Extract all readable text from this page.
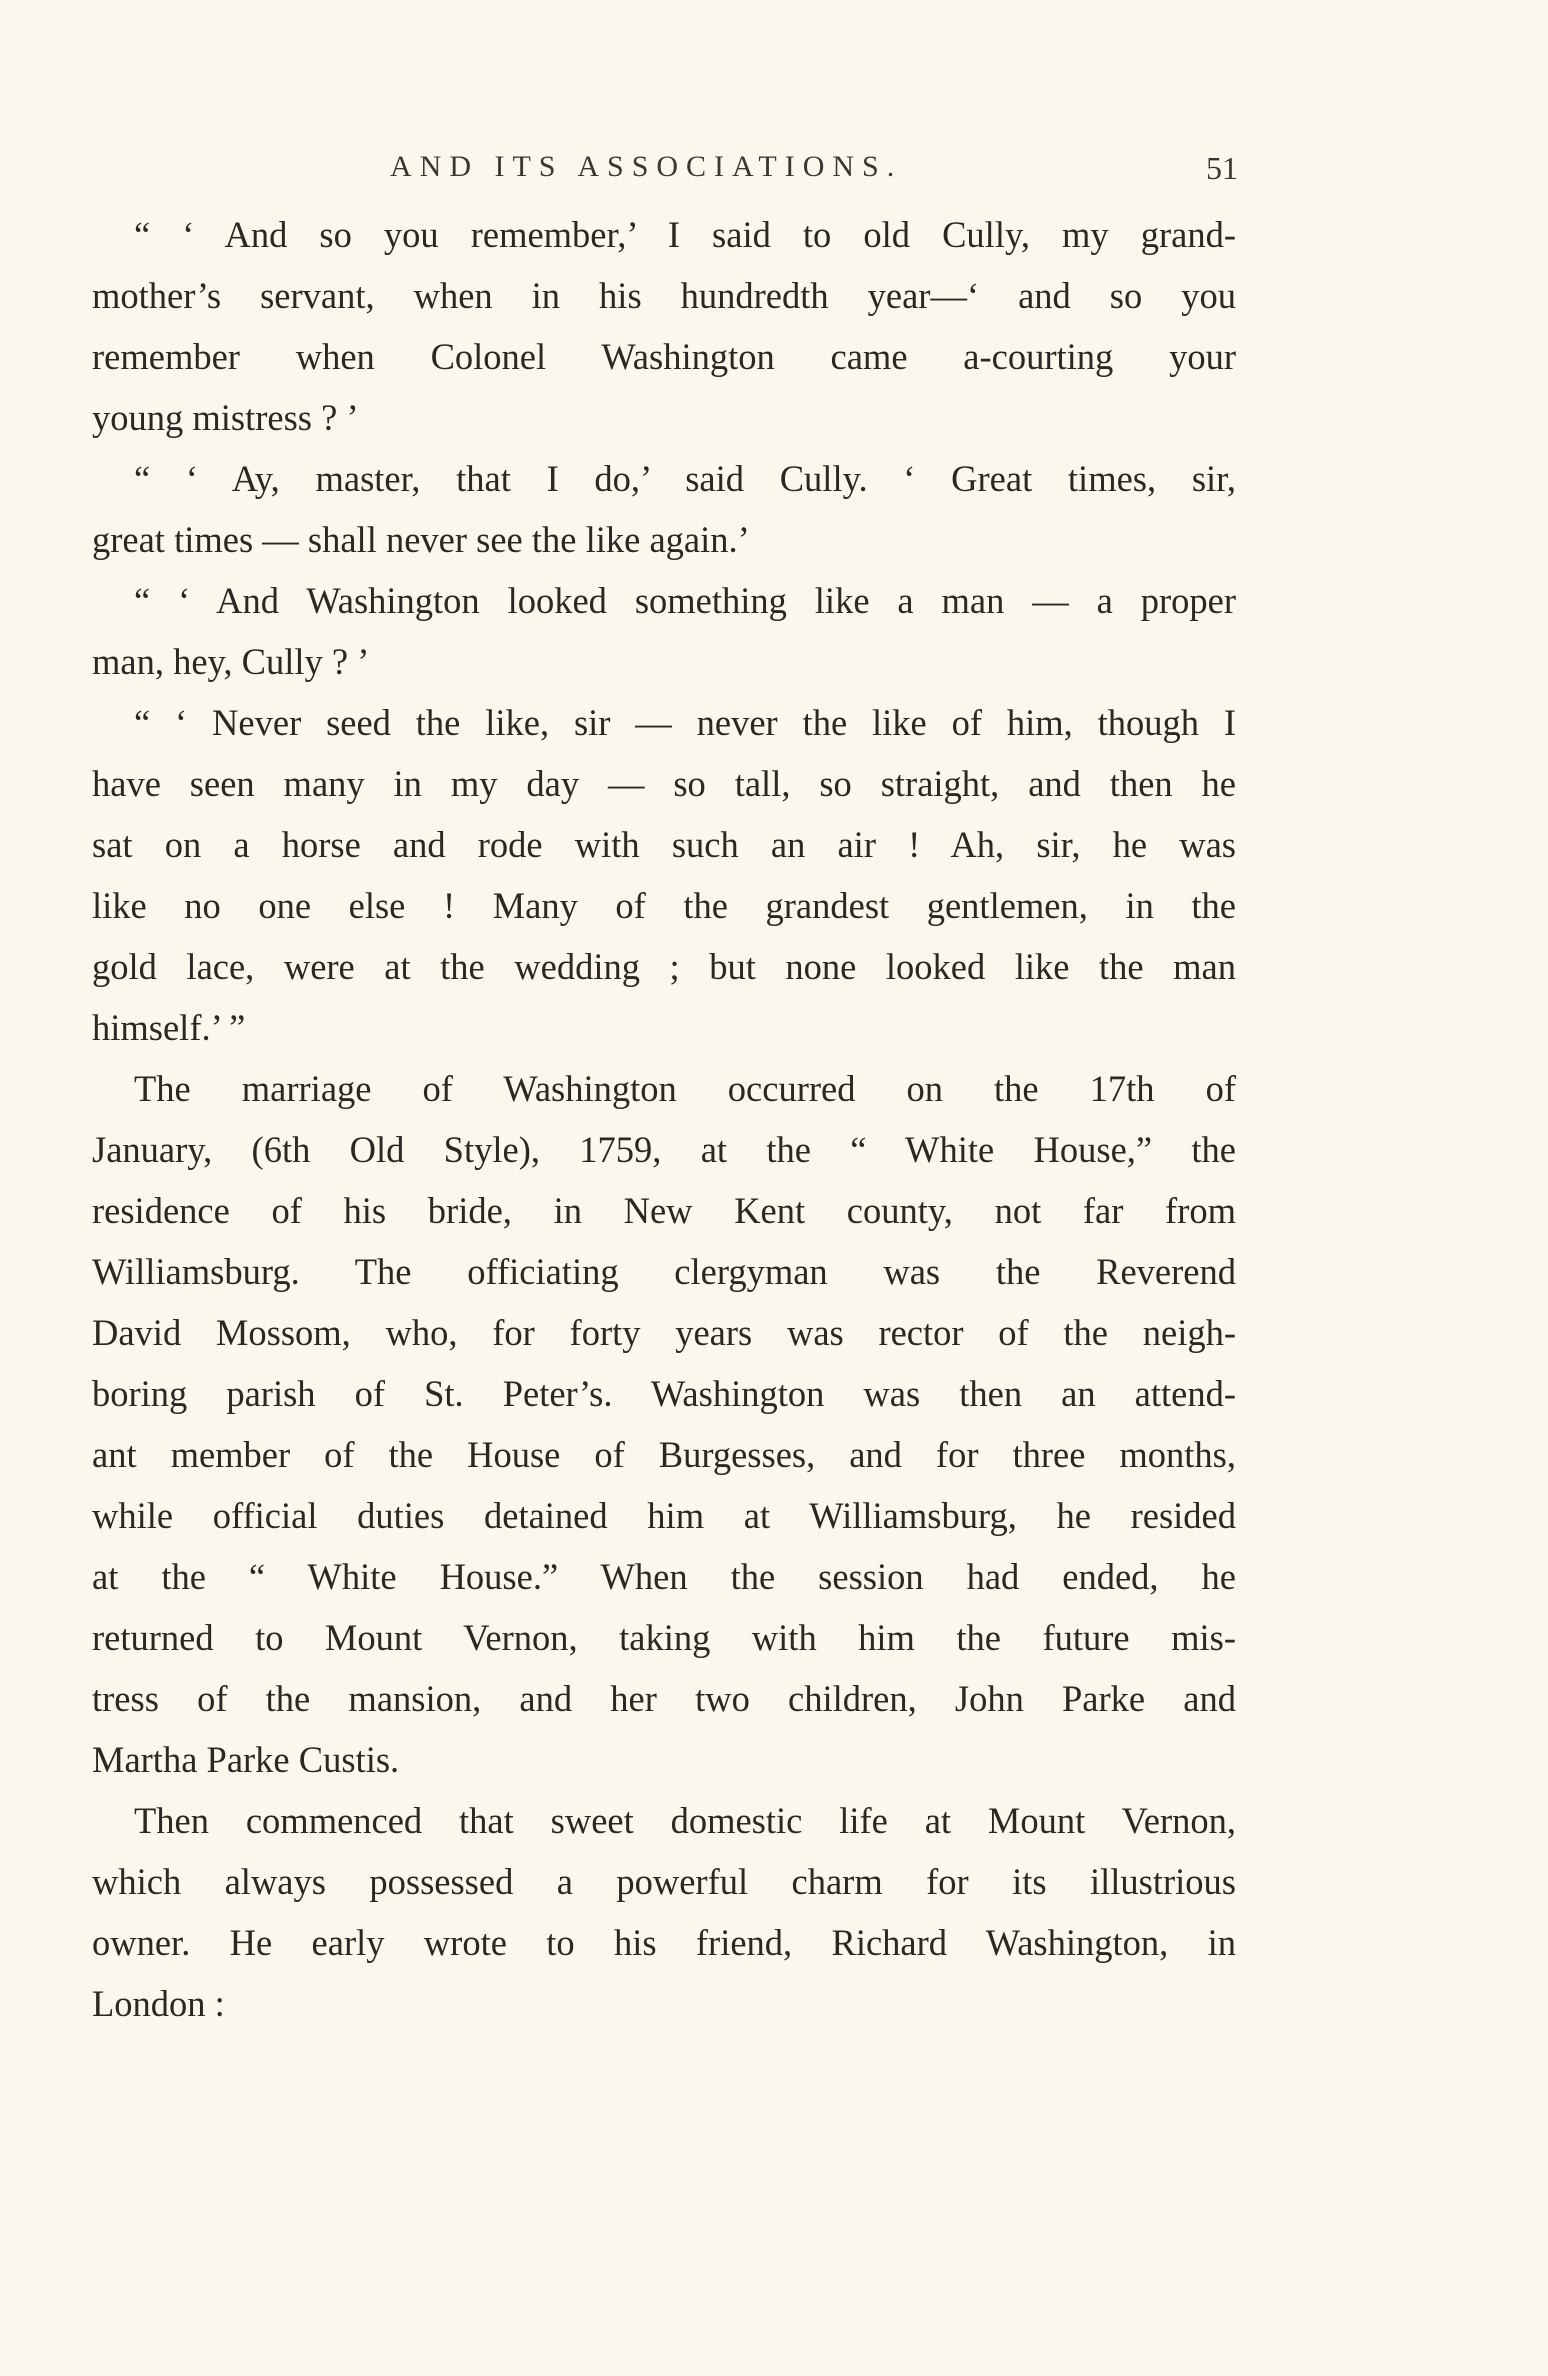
AND ITS ASSOCIATIONS.	51
“ ‘ And so you remember,’ I said to old Cully, my grand-
mother’s servant, when in his hundredth year—‘ and so you
remember when Colonel Washington came a-courting your
young mistress ? ’
“ ‘ Ay, master, that I do,’ said Cully. ‘ Great times, sir,
great times — shall never see the like again.’
“ ‘ And Washington looked something like a man — a proper
man, hey, Cully ? ’
“ ‘ Never seed the like, sir — never the like of him, though I
have seen many in my day — so tall, so straight, and then he
sat on a horse and rode with such an air ! Ah, sir, he was
like no one else ! Many of the grandest gentlemen, in the
gold lace, were at the wedding ; but none looked like the man
himself.’ ”
The marriage of Washington occurred on the 17th of
January, (6th Old Style), 1759, at the “ White House,” the
residence of his bride, in New Kent county, not far from
Williamsburg. The officiating clergyman was the Reverend
David Mossom, who, for forty years was rector of the neigh-
boring parish of St. Peter’s. Washington was then an attend-
ant member of the House of Burgesses, and for three months,
while official duties detained him at Williamsburg, he resided
at the “ White House.” When the session had ended, he
returned to Mount Vernon, taking with him the future mis-
tress of the mansion, and her two children, John Parke and
Martha Parke Custis.
Then commenced that sweet domestic life at Mount Vernon,
which always possessed a powerful charm for its illustrious
owner. He early wrote to his friend, Richard Washington, in
London :
